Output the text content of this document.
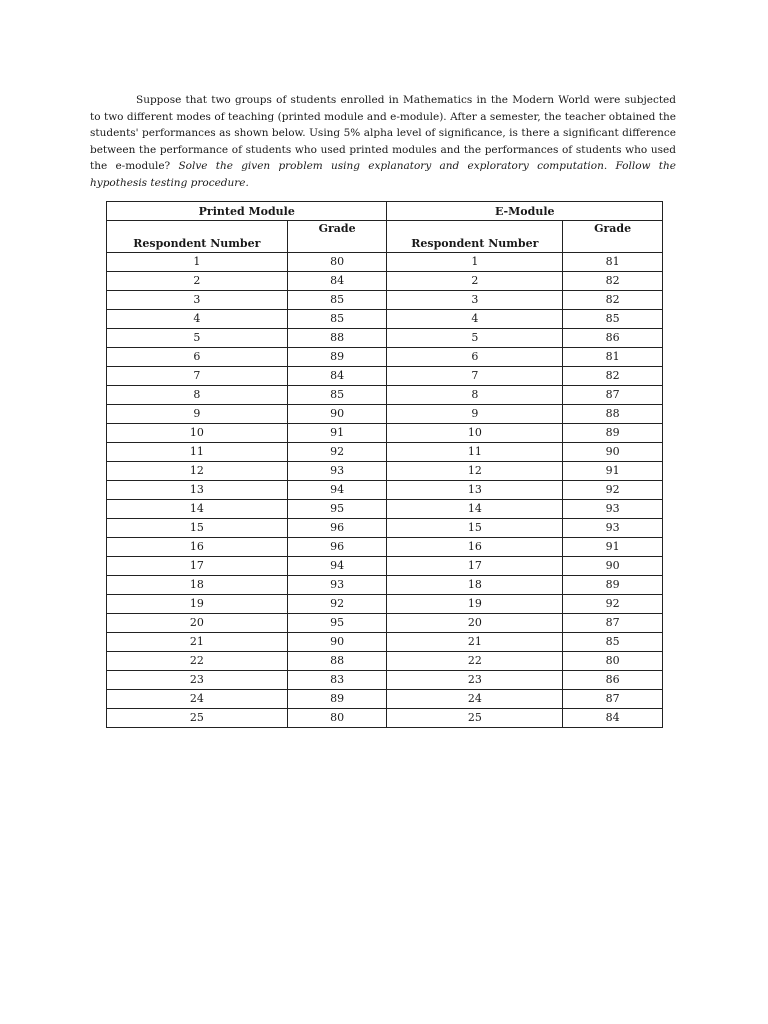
Suppose that two groups of students enrolled in Mathematics in the Modern World were subjected to two different modes of teaching (printed module and e-module). After a semester, the teacher obtained the students' performances as shown below. Using 5% alpha level of significance, is there a significant difference between the performance of students who used printed modules and the performances of students who used the e-module? Solve the given problem using explanatory and exploratory computation. Follow the hypothesis testing procedure.

Printed Module		E-Module	
Respondent Number	Grade	Respondent Number	Grade
1	80	1	81
2	84	2	82
3	85	3	82
4	85	4	85
5	88	5	86
6	89	6	81
7	84	7	82
8	85	8	87
9	90	9	88
10	91	10	89
11	92	11	90
12	93	12	91
13	94	13	92
14	95	14	93
15	96	15	93
16	96	16	91
17	94	17	90
18	93	18	89
19	92	19	92
20	95	20	87
21	90	21	85
22	88	22	80
23	83	23	86
24	89	24	87
25	80	25	84
